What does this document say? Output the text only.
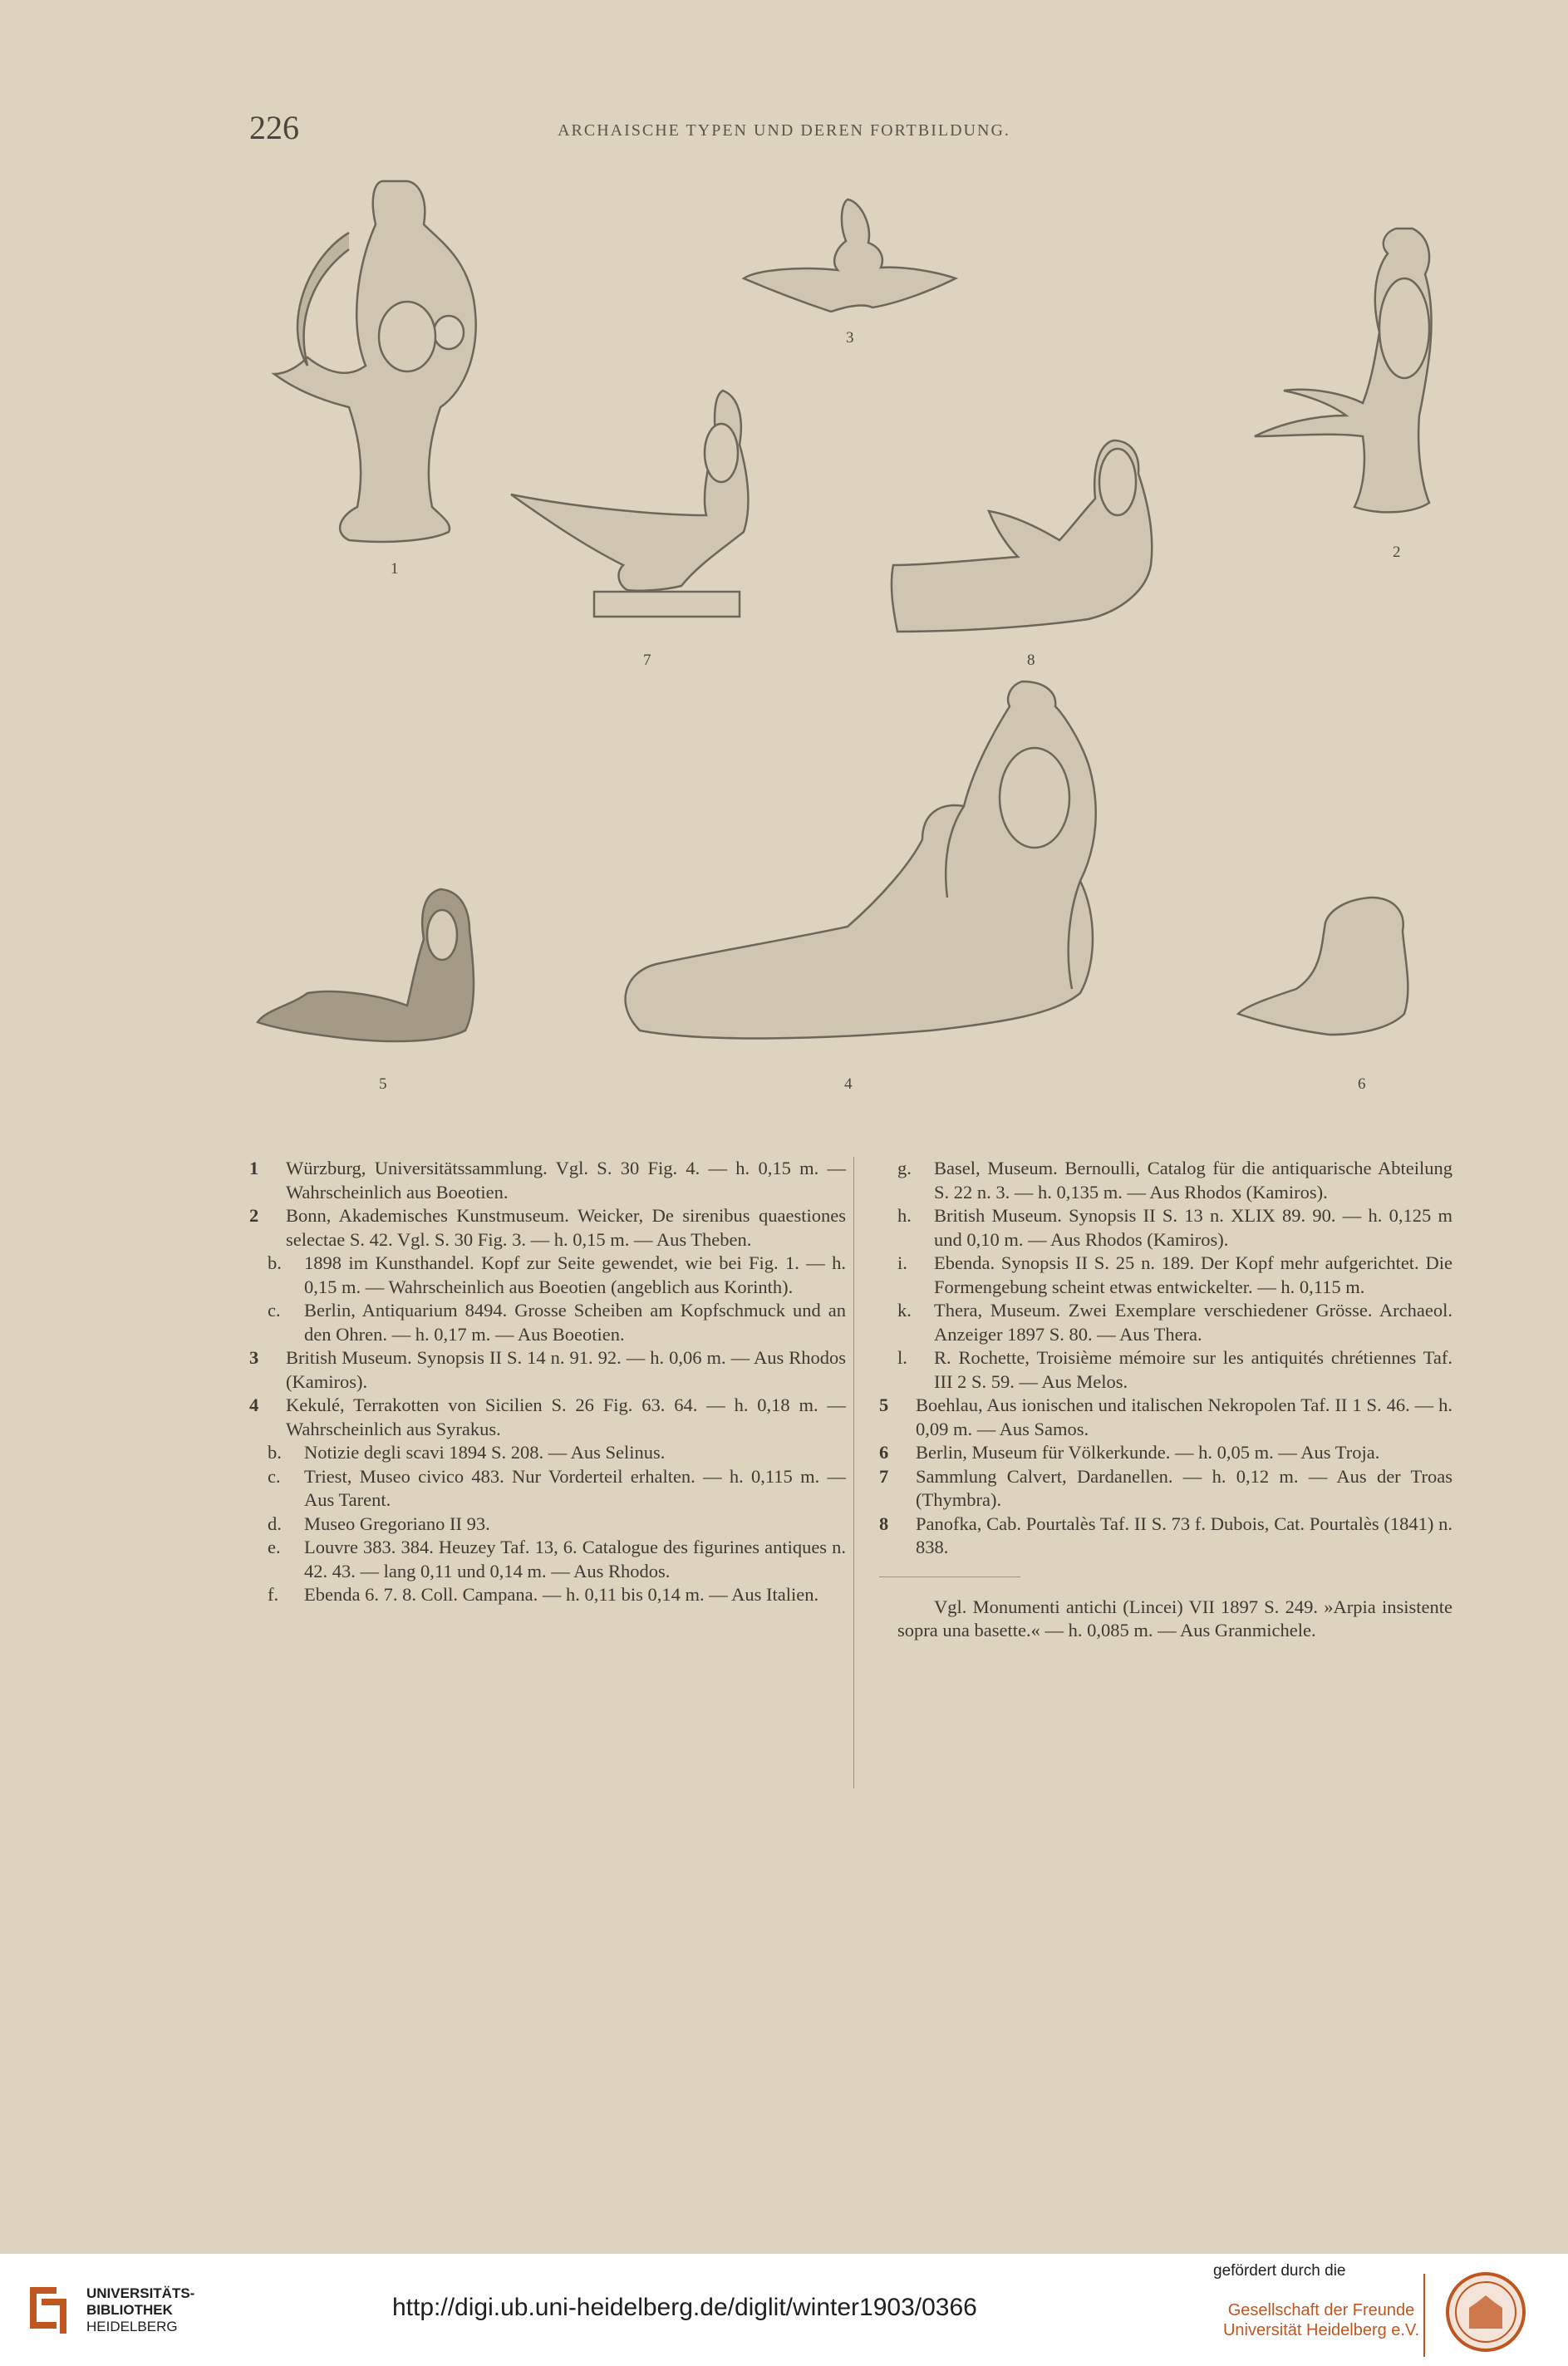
226	ARCHAISCHE TYPEN UND DEREN FORTBILDUNG.
1
2
3
4
5	6
7	8
1 Würzburg, Universitätssammlung. Vgl. S. 30 Fig. 4. — h. 0,15 m. — Wahrscheinlich aus Boeotien.
2 Bonn, Akademisches Kunstmuseum. Weicker, De sirenibus quaestiones selectae S. 42. Vgl. S. 30 Fig. 3. — h. 0,15 m. — Aus Theben.
b. 1898 im Kunsthandel. Kopf zur Seite gewendet, wie bei Fig. 1. — h. 0,15 m. — Wahrscheinlich aus Boeotien (angeblich aus Korinth).
c. Berlin, Antiquarium 8494. Grosse Scheiben am Kopfschmuck und an den Ohren. — h. 0,17 m. — Aus Boeotien.
3 British Museum. Synopsis II S. 14 n. 91. 92. — h. 0,06 m. — Aus Rhodos (Kamiros).
4 Kekulé, Terrakotten von Sicilien S. 26 Fig. 63. 64. — h. 0,18 m. — Wahrscheinlich aus Syrakus.
b. Notizie degli scavi 1894 S. 208. — Aus Selinus.
c. Triest, Museo civico 483. Nur Vorderteil erhalten. — h. 0,115 m. — Aus Tarent.
d. Museo Gregoriano II 93.
e. Louvre 383. 384. Heuzey Taf. 13, 6. Catalogue des figurines antiques n. 42. 43. — lang 0,11 und 0,14 m. — Aus Rhodos.
f. Ebenda 6. 7. 8. Coll. Campana. — h. 0,11 bis 0,14 m. — Aus Italien.
g. Basel, Museum. Bernoulli, Catalog für die antiquarische Abteilung S. 22 n. 3. — h. 0,135 m. — Aus Rhodos (Kamiros).
h. British Museum. Synopsis II S. 13 n. XLIX 89. 90. — h. 0,125 m und 0,10 m. — Aus Rhodos (Kamiros).
i. Ebenda. Synopsis II S. 25 n. 189. Der Kopf mehr aufgerichtet. Die Formengebung scheint etwas entwickelter. — h. 0,115 m.
k. Thera, Museum. Zwei Exemplare verschiedener Grösse. Archaeol. Anzeiger 1897 S. 80. — Aus Thera.
l. R. Rochette, Troisième mémoire sur les antiquités chrétiennes Taf. III 2 S. 59. — Aus Melos.
5 Boehlau, Aus ionischen und italischen Nekropolen Taf. II 1 S. 46. — h. 0,09 m. — Aus Samos.
6 Berlin, Museum für Völkerkunde. — h. 0,05 m. — Aus Troja.
7 Sammlung Calvert, Dardanellen. — h. 0,12 m. — Aus der Troas (Thymbra).
8 Panofka, Cab. Pourtalès Taf. II S. 73 f. Dubois, Cat. Pourtalès (1841) n. 838.
Vgl. Monumenti antichi (Lincei) VII 1897 S. 249. »Arpia insistente sopra una basette.« — h. 0,085 m. — Aus Granmichele.
UNIVERSITÄTS-
BIBLIOTHEK
HEIDELBERG
http://digi.ub.uni-heidelberg.de/diglit/winter1903/0366
gefördert durch die
Gesellschaft der Freunde
Universität Heidelberg e.V.
